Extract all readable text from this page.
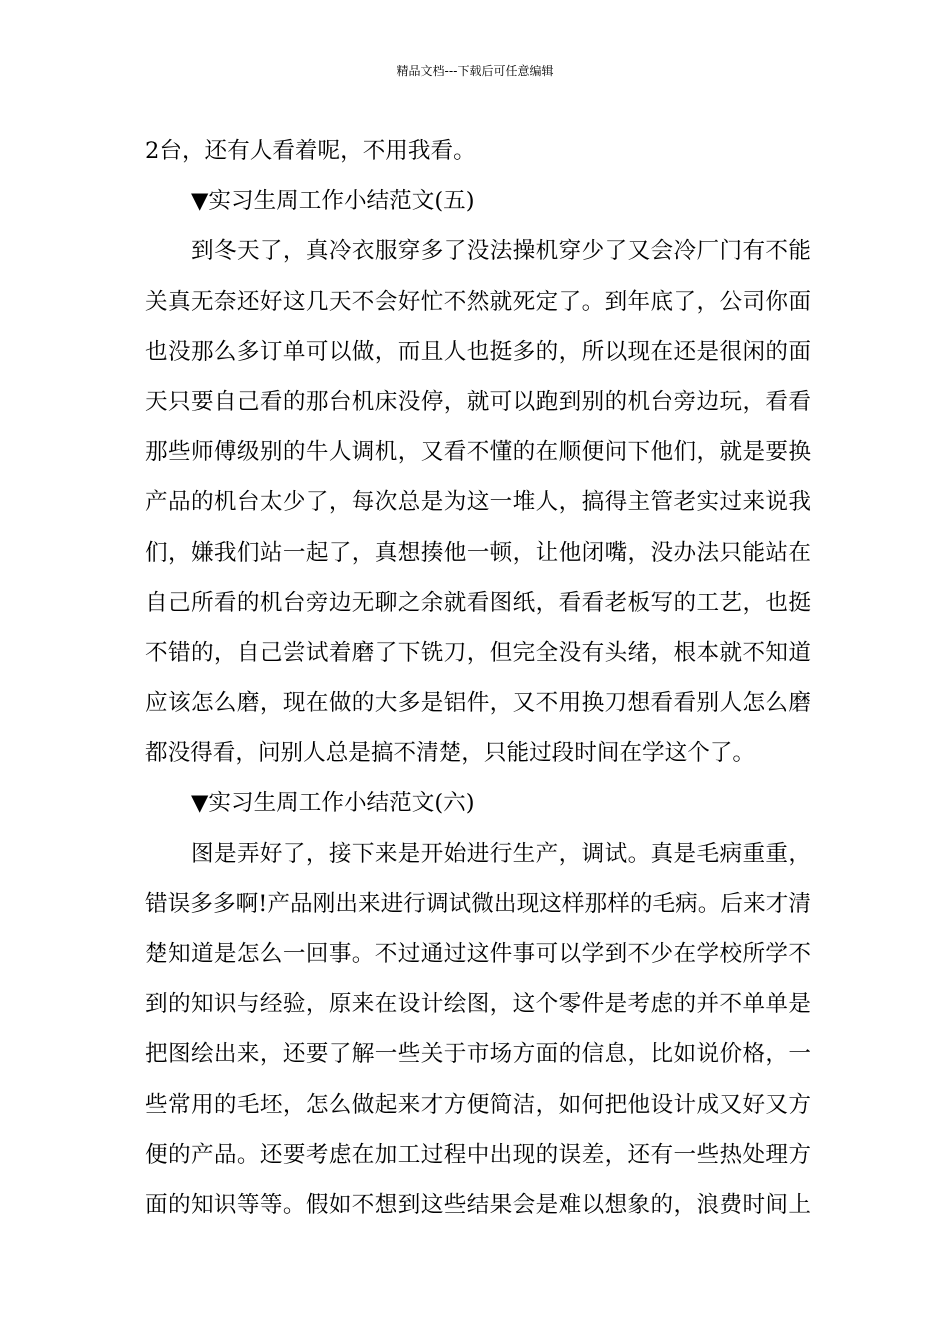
精品文档---下载后可任意编辑
2台，还有人看着呢，不用我看。
▼实习生周工作小结范文(五)
到冬天了，真冷衣服穿多了没法操机穿少了又会冷厂门有不能
关真无奈还好这几天不会好忙不然就死定了。到年底了，公司你面
也没那么多订单可以做，而且人也挺多的，所以现在还是很闲的面
天只要自己看的那台机床没停，就可以跑到别的机台旁边玩，看看
那些师傅级别的牛人调机，又看不懂的在顺便问下他们，就是要换
产品的机台太少了，每次总是为这一堆人，搞得主管老实过来说我
们，嫌我们站一起了，真想揍他一顿，让他闭嘴，没办法只能站在
自己所看的机台旁边无聊之余就看图纸，看看老板写的工艺，也挺
不错的，自己尝试着磨了下铣刀，但完全没有头绪，根本就不知道
应该怎么磨，现在做的大多是铝件，又不用换刀想看看别人怎么磨
都没得看，问别人总是搞不清楚，只能过段时间在学这个了。
▼实习生周工作小结范文(六)
图是弄好了，接下来是开始进行生产，调试。真是毛病重重，
错误多多啊!产品刚出来进行调试微出现这样那样的毛病。后来才清
楚知道是怎么一回事。不过通过这件事可以学到不少在学校所学不
到的知识与经验，原来在设计绘图，这个零件是考虑的并不单单是
把图绘出来，还要了解一些关于市场方面的信息，比如说价格，一
些常用的毛坯，怎么做起来才方便简洁，如何把他设计成又好又方
便的产品。还要考虑在加工过程中出现的误差，还有一些热处理方
面的知识等等。假如不想到这些结果会是难以想象的，浪费时间上
